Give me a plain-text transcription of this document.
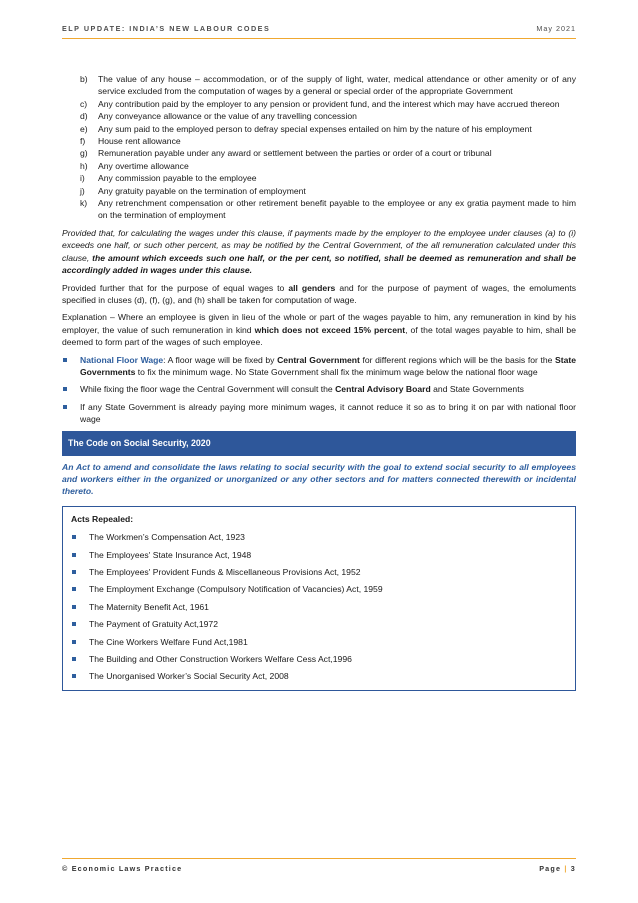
ELP UPDATE: INDIA’S NEW LABOUR CODES	May 2021
b)	The value of any house – accommodation, or of the supply of light, water, medical attendance or other amenity or of any service excluded from the computation of wages by a general or special order of the appropriate Government
c)	Any contribution paid by the employer to any pension or provident fund, and the interest which may have accrued thereon
d)	Any conveyance allowance or the value of any travelling concession
e)	Any sum paid to the employed person to defray special expenses entailed on him by the nature of his employment
f)	House rent allowance
g)	Remuneration payable under any award or settlement between the parties or order of a court or tribunal
h)	Any overtime allowance
i)	Any commission payable to the employee
j)	Any gratuity payable on the termination of employment
k)	Any retrenchment compensation or other retirement benefit payable to the employee or any ex gratia payment made to him on the termination of employment

Provided that, for calculating the wages under this clause, if payments made by the employer to the employee under clauses (a) to (i) exceeds one half, or such other percent, as may be notified by the Central Government, of the all remuneration calculated under this clause, the amount which exceeds such one half, or the per cent, so notified, shall be deemed as remuneration and shall be accordingly added in wages under this clause.

Provided further that for the purpose of equal wages to all genders and for the purpose of payment of wages, the emoluments specified in cluses (d), (f), (g), and (h) shall be taken for computation of wage.

Explanation – Where an employee is given in lieu of the whole or part of the wages payable to him, any remuneration in kind by his employer, the value of such remuneration in kind which does not exceed 15% percent, of the total wages payable to him, shall be deemed to form part of the wages of such employee.

National Floor Wage: A floor wage will be fixed by Central Government for different regions which will be the basis for the State Governments to fix the minimum wage. No State Government shall fix the minimum wage below the national floor wage
While fixing the floor wage the Central Government will consult the Central Advisory Board and State Governments
If any State Government is already paying more minimum wages, it cannot reduce it so as to bring it on par with national floor wage
The Code on Social Security, 2020

An Act to amend and consolidate the laws relating to social security with the goal to extend social security to all employees and workers either in the organized or unorganized or any other sectors and for matters connected therewith or incidental thereto.

Acts Repealed:
The Workmen’s Compensation Act, 1923
The Employees' State Insurance Act, 1948
The Employees' Provident Funds & Miscellaneous Provisions Act, 1952
The Employment Exchange (Compulsory Notification of Vacancies) Act, 1959
The Maternity Benefit Act, 1961
The Payment of Gratuity Act,1972
The Cine Workers Welfare Fund Act,1981
The Building and Other Construction Workers Welfare Cess Act,1996
The Unorganised Worker’s Social Security Act, 2008
© Economic Laws Practice	Page | 3
